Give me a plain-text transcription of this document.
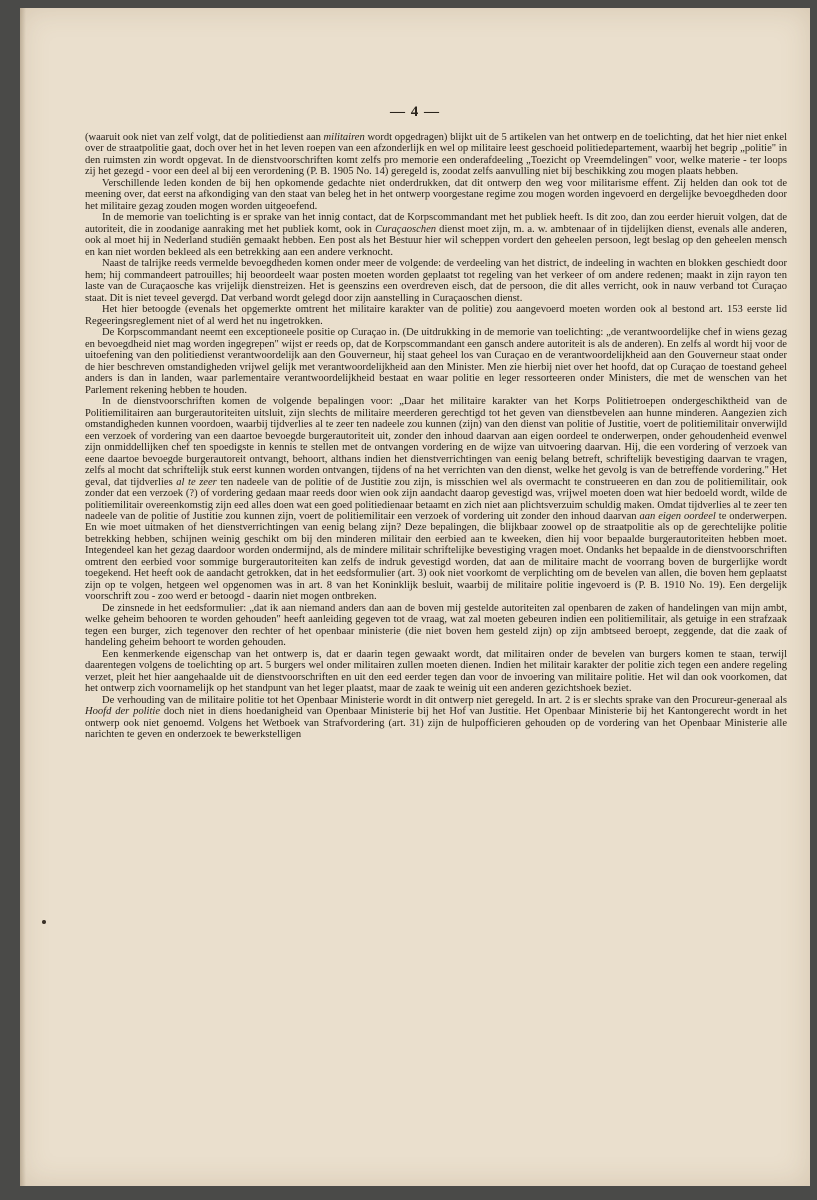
— 4 —

(waaruit ook niet van zelf volgt, dat de politiedienst aan militairen wordt opgedragen) blijkt uit de 5 artikelen van het ontwerp en de toelichting, dat het hier niet enkel over de straatpolitie gaat, doch over het in het leven roepen van een afzonderlijk en wel op militaire leest geschoeid politiedepartement, waarbij het begrip „politie" in den ruimsten zin wordt opgevat. In de dienstvoorschriften komt zelfs pro memorie een onderafdeeling „Toezicht op Vreemdelingen" voor, welke materie - ter loops zij het gezegd - voor een deel al bij een verordening (P. B. 1905 No. 14) geregeld is, zoodat zelfs aanvulling niet bij beschikking zou mogen plaats hebben.

Verschillende leden konden de bij hen opkomende gedachte niet onderdrukken, dat dit ontwerp den weg voor militarisme effent. Zij helden dan ook tot de meening over, dat eerst na afkondiging van den staat van beleg het in het ontwerp voorgestane regime zou mogen worden ingevoerd en dergelijke bevoegdheden door het militaire gezag zouden mogen worden uitgeoefend.

In de memorie van toelichting is er sprake van het innig contact, dat de Korpscommandant met het publiek heeft. Is dit zoo, dan zou eerder hieruit volgen, dat de autoriteit, die in zoodanige aanraking met het publiek komt, ook in Curaçaoschen dienst moet zijn, m. a. w. ambtenaar of in tijdelijken dienst, evenals alle anderen, ook al moet hij in Nederland studiën gemaakt hebben. Een post als het Bestuur hier wil scheppen vordert den geheelen persoon, legt beslag op den geheelen mensch en kan niet worden bekleed als een betrekking aan een andere verknocht.

Naast de talrijke reeds vermelde bevoegdheden komen onder meer de volgende: de verdeeling van het district, de indeeling in wachten en blokken geschiedt door hem; hij commandeert patrouilles; hij beoordeelt waar posten moeten worden geplaatst tot regeling van het verkeer of om andere redenen; maakt in zijn rayon ten laste van de Curaçaosche kas vrijelijk dienstreizen. Het is geenszins een overdreven eisch, dat de persoon, die dit alles verricht, ook in nauw verband tot Curaçao staat. Dit is niet teveel gevergd. Dat verband wordt gelegd door zijn aanstelling in Curaçaoschen dienst.

Het hier betoogde (evenals het opgemerkte omtrent het militaire karakter van de politie) zou aangevoerd moeten worden ook al bestond art. 153 eerste lid Regeeringsreglement niet of al werd het nu ingetrokken.

De Korpscommandant neemt een exceptioneele positie op Curaçao in. (De uitdrukking in de memorie van toelichting: „de verantwoordelijke chef in wiens gezag en bevoegdheid niet mag worden ingegrepen" wijst er reeds op, dat de Korpscommandant een gansch andere autoriteit is als de anderen). En zelfs al wordt hij voor de uitoefening van den politiedienst verantwoordelijk aan den Gouverneur, hij staat geheel los van Curaçao en de verantwoordelijkheid aan den Gouverneur staat onder de hier beschreven omstandigheden vrijwel gelijk met verantwoordelijkheid aan den Minister. Men zie hierbij niet over het hoofd, dat op Curaçao de toestand geheel anders is dan in landen, waar parlementaire verantwoordelijkheid bestaat en waar politie en leger ressorteeren onder Ministers, die met de wenschen van het Parlement rekening hebben te houden.

In de dienstvoorschriften komen de volgende bepalingen voor: „Daar het militaire karakter van het Korps Politietroepen ondergeschiktheid van de Politiemilitairen aan burgerautoriteiten uitsluit, zijn slechts de militaire meerderen gerechtigd tot het geven van dienstbevelen aan hunne minderen. Aangezien zich omstandigheden kunnen voordoen, waarbij tijdverlies al te zeer ten nadeele zou kunnen (zijn) van den dienst van politie of Justitie, voert de politiemilitair onverwijld een verzoek of vordering van een daartoe bevoegde burgerautoriteit uit, zonder den inhoud daarvan aan eigen oordeel te onderwerpen, onder gehoudenheid evenwel zijn onmiddellijken chef ten spoedigste in kennis te stellen met de ontvangen vordering en de wijze van uitvoering daarvan. Hij, die een vordering of verzoek van eene daartoe bevoegde burgerautoreit ontvangt, behoort, althans indien het dienstverrichtingen van eenig belang betreft, schriftelijk bevestiging daarvan te vragen, zelfs al mocht dat schriftelijk stuk eerst kunnen worden ontvangen, tijdens of na het verrichten van den dienst, welke het gevolg is van de betreffende vordering." Het geval, dat tijdverlies al te zeer ten nadeele van de politie of de Justitie zou zijn, is misschien wel als overmacht te construeeren en dan zou de politiemilitair, ook zonder dat een verzoek (?) of vordering gedaan maar reeds door wien ook zijn aandacht daarop gevestigd was, vrijwel moeten doen wat hier bedoeld wordt, wilde de politiemilitair overeenkomstig zijn eed alles doen wat een goed politiedienaar betaamt en zich niet aan plichtsverzuim schuldig maken. Omdat tijdverlies al te zeer ten nadeele van de politie of Justitie zou kunnen zijn, voert de politiemilitair een verzoek of vordering uit zonder den inhoud daarvan aan eigen oordeel te onderwerpen. En wie moet uitmaken of het dienstverrichtingen van eenig belang zijn? Deze bepalingen, die blijkbaar zoowel op de straatpolitie als op de gerechtelijke politie betrekking hebben, schijnen weinig geschikt om bij den minderen militair den eerbied aan te kweeken, dien hij voor bepaalde burgerautoriteiten hebben moet. Integendeel kan het gezag daardoor worden ondermijnd, als de mindere militair schriftelijke bevestiging vragen moet. Ondanks het bepaalde in de dienstvoorschriften omtrent den eerbied voor sommige burgerautoriteiten kan zelfs de indruk gevestigd worden, dat aan de militaire macht de voorrang boven de burgerlijke wordt toegekend. Het heeft ook de aandacht getrokken, dat in het eedsformulier (art. 3) ook niet voorkomt de verplichting om de bevelen van allen, die boven hem geplaatst zijn op te volgen, hetgeen wel opgenomen was in art. 8 van het Koninklijk besluit, waarbij de militaire politie ingevoerd is (P. B. 1910 No. 19). Een dergelijk voorschrift zou - zoo werd er betoogd - daarin niet mogen ontbreken.

De zinsnede in het eedsformulier: „dat ik aan niemand anders dan aan de boven mij gestelde autoriteiten zal openbaren de zaken of handelingen van mijn ambt, welke geheim behooren te worden gehouden" heeft aanleiding gegeven tot de vraag, wat zal moeten gebeuren indien een politiemilitair, als getuige in een strafzaak tegen een burger, zich tegenover den rechter of het openbaar ministerie (die niet boven hem gesteld zijn) op zijn ambtseed beroept, zeggende, dat die zaak of handeling geheim behoort te worden gehouden.

Een kenmerkende eigenschap van het ontwerp is, dat er daarin tegen gewaakt wordt, dat militairen onder de bevelen van burgers komen te staan, terwijl daarentegen volgens de toelichting op art. 5 burgers wel onder militairen zullen moeten dienen. Indien het militair karakter der politie zich tegen een andere regeling verzet, pleit het hier aangehaalde uit de dienstvoorschriften en uit den eed eerder tegen dan voor de invoering van militaire politie. Het wil dan ook voorkomen, dat het ontwerp zich voornamelijk op het standpunt van het leger plaatst, maar de zaak te weinig uit een anderen gezichtshoek beziet.

De verhouding van de militaire politie tot het Openbaar Ministerie wordt in dit ontwerp niet geregeld. In art. 2 is er slechts sprake van den Procureur-generaal als Hoofd der politie doch niet in diens hoedanigheid van Openbaar Ministerie bij het Hof van Justitie. Het Openbaar Ministerie bij het Kantongerecht wordt in het ontwerp ook niet genoemd. Volgens het Wetboek van Strafvordering (art. 31) zijn de hulpofficieren gehouden op de vordering van het Openbaar Ministerie alle narichten te geven en onderzoek te bewerkstelligen
